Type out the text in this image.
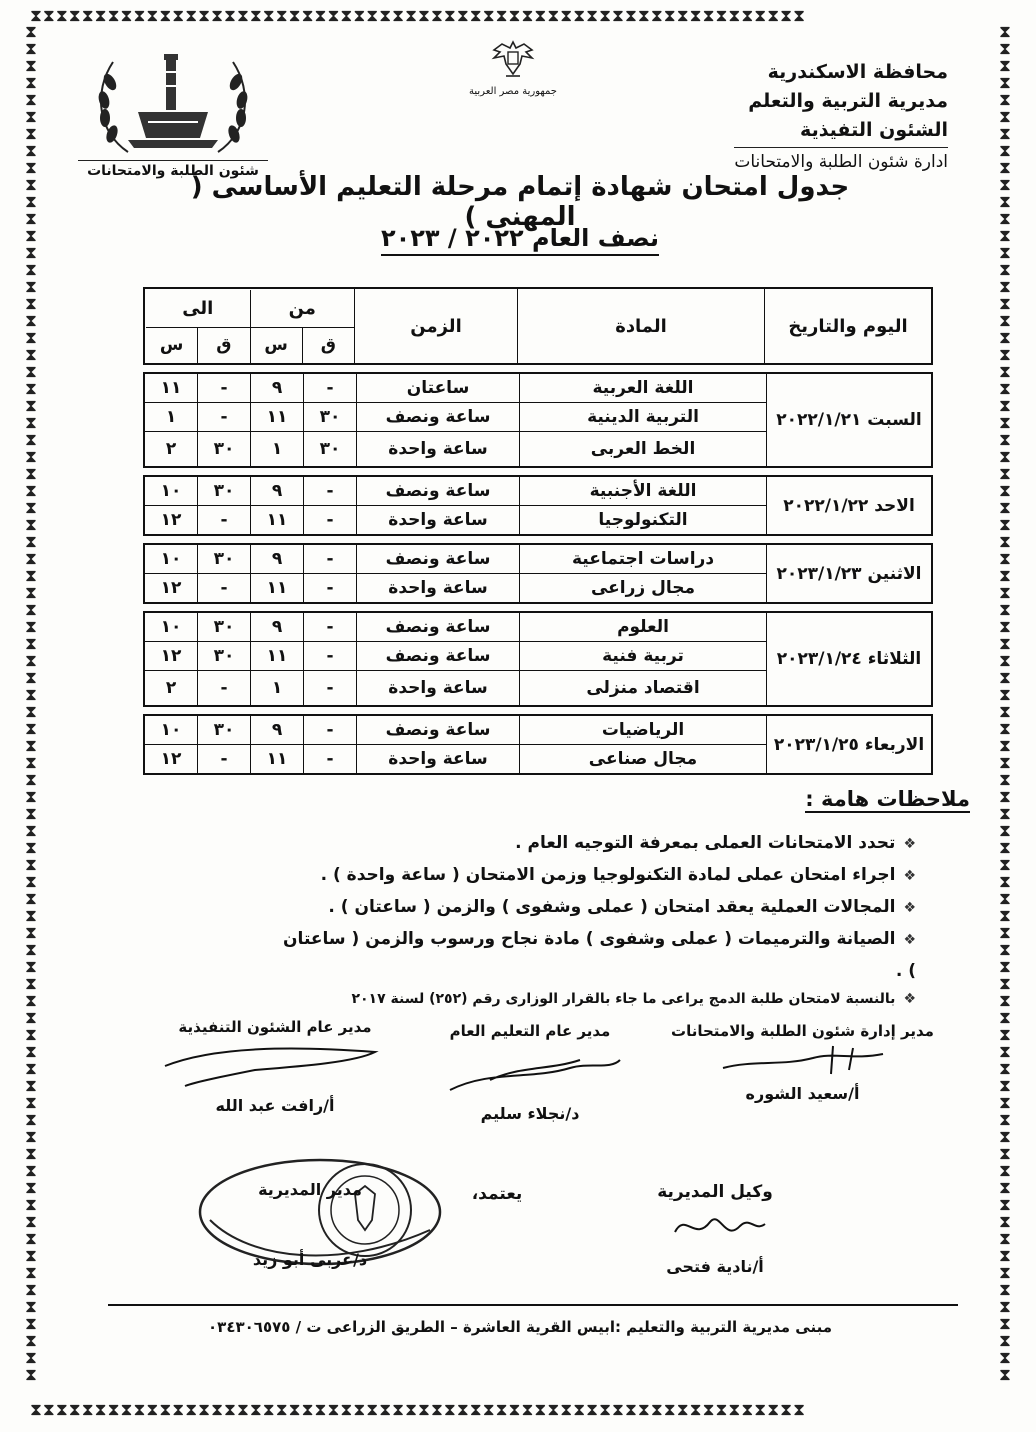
⧗⧗⧗⧗⧗⧗⧗⧗⧗⧗⧗⧗⧗⧗⧗⧗⧗⧗⧗⧗⧗⧗⧗⧗⧗⧗⧗⧗⧗⧗⧗⧗⧗⧗⧗⧗⧗⧗⧗⧗⧗⧗⧗⧗⧗⧗⧗⧗⧗⧗⧗⧗⧗⧗⧗⧗⧗⧗⧗⧗
⧗⧗⧗⧗⧗⧗⧗⧗⧗⧗⧗⧗⧗⧗⧗⧗⧗⧗⧗⧗⧗⧗⧗⧗⧗⧗⧗⧗⧗⧗⧗⧗⧗⧗⧗⧗⧗⧗⧗⧗⧗⧗⧗⧗⧗⧗⧗⧗⧗⧗⧗⧗⧗⧗⧗⧗⧗⧗⧗⧗
⧗⧗⧗⧗⧗⧗⧗⧗⧗⧗⧗⧗⧗⧗⧗⧗⧗⧗⧗⧗⧗⧗⧗⧗⧗⧗⧗⧗⧗⧗⧗⧗⧗⧗⧗⧗⧗⧗⧗⧗⧗⧗⧗⧗⧗⧗⧗⧗⧗⧗⧗⧗⧗⧗⧗⧗⧗⧗⧗⧗⧗⧗⧗⧗⧗⧗⧗⧗⧗⧗⧗⧗⧗⧗⧗⧗⧗⧗⧗⧗
⧗⧗⧗⧗⧗⧗⧗⧗⧗⧗⧗⧗⧗⧗⧗⧗⧗⧗⧗⧗⧗⧗⧗⧗⧗⧗⧗⧗⧗⧗⧗⧗⧗⧗⧗⧗⧗⧗⧗⧗⧗⧗⧗⧗⧗⧗⧗⧗⧗⧗⧗⧗⧗⧗⧗⧗⧗⧗⧗⧗⧗⧗⧗⧗⧗⧗⧗⧗⧗⧗⧗⧗⧗⧗⧗⧗⧗⧗⧗⧗
محافظة الاسكندرية
مديرية التربية والتعلم
الشئون التفيذية
ادارة شئون الطلبة والامتحانات
جمهورية مصر العربية
شئون الطلبة والامتحانات
جدول امتحان شهادة إتمام مرحلة التعليم الأساسى ( المهنى )
نصف العام ٢٠٢٢ / ٢٠٢٣
اليوم والتاريخ
المادة
الزمن
من
الى
ق
س
ق
س
السبت ٢٠٢٢/١/٢١
اللغة العربية
ساعتان
-
٩
-
١١
التربية الدينية
ساعة ونصف
٣٠
١١
-
١
الخط العربى
ساعة واحدة
٣٠
١
٣٠
٢
الاحد ٢٠٢٢/١/٢٢
اللغة الأجنبية
ساعة ونصف
-
٩
٣٠
١٠
التكنولوجيا
ساعة واحدة
-
١١
-
١٢
الاثنين ٢٠٢٣/١/٢٣
دراسات اجتماعية
ساعة ونصف
-
٩
٣٠
١٠
مجال زراعى
ساعة واحدة
-
١١
-
١٢
الثلاثاء ٢٠٢٣/١/٢٤
العلوم
ساعة ونصف
-
٩
٣٠
١٠
تربية فنية
ساعة ونصف
-
١١
٣٠
١٢
اقتصاد منزلى
ساعة واحدة
-
١
-
٢
الاربعاء ٢٠٢٣/١/٢٥
الرياضيات
ساعة ونصف
-
٩
٣٠
١٠
مجال صناعى
ساعة واحدة
-
١١
-
١٢
ملاحظات هامة :
❖تحدد الامتحانات العملى بمعرفة التوجيه العام .
❖اجراء امتحان عملى لمادة التكنولوجيا وزمن الامتحان ( ساعة واحدة ) .
❖المجالات العملية يعقد امتحان ( عملى وشفوى ) والزمن ( ساعتان ) .
❖الصيانة والترميمات ( عملى وشفوى ) مادة نجاح ورسوب والزمن ( ساعتان ) .
❖بالنسبة لامتحان طلبة الدمج يراعى ما جاء بالقرار الوزارى رقم (٢٥٢) لسنة ٢٠١٧
مدير إدارة شئون الطلبة والامتحانات
أ/سعيد الشوره
مدير عام التعليم العام
د/نجلاء سليم
مدير عام الشئون التنفيذية
أ/رافت عبد الله
وكيل المديرية
أ/نادية فتحى
يعتمد،
مدير المديرية
د/عربى أبو زيد
مبنى مديرية التربية والتعليم :ابيس القرية العاشرة – الطريق الزراعى ت / ٠٣٤٣٠٦٥٧٥
